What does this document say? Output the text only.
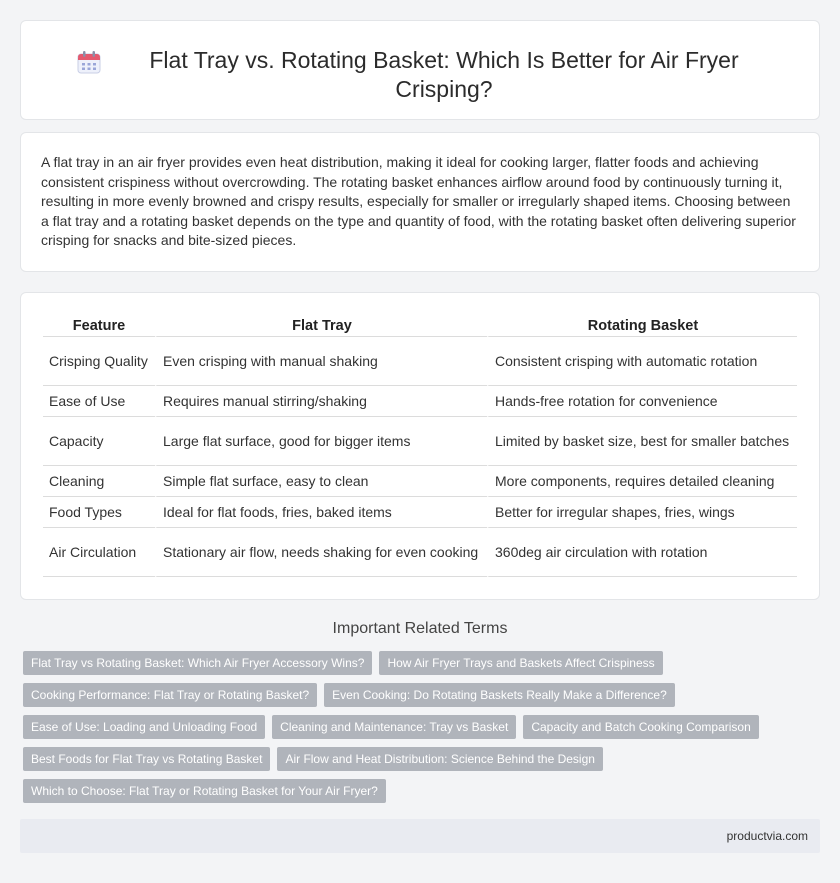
Flat Tray vs. Rotating Basket: Which Is Better for Air Fryer Crisping?

A flat tray in an air fryer provides even heat distribution, making it ideal for cooking larger, flatter foods and achieving consistent crispiness without overcrowding. The rotating basket enhances airflow around food by continuously turning it, resulting in more evenly browned and crispy results, especially for smaller or irregularly shaped items. Choosing between a flat tray and a rotating basket depends on the type and quantity of food, with the rotating basket often delivering superior crisping for snacks and bite-sized pieces.

Feature	Flat Tray	Rotating Basket
Crisping Quality	Even crisping with manual shaking	Consistent crisping with automatic rotation
Ease of Use	Requires manual stirring/shaking	Hands-free rotation for convenience
Capacity	Large flat surface, good for bigger items	Limited by basket size, best for smaller batches
Cleaning	Simple flat surface, easy to clean	More components, requires detailed cleaning
Food Types	Ideal for flat foods, fries, baked items	Better for irregular shapes, fries, wings
Air Circulation	Stationary air flow, needs shaking for even cooking	360deg air circulation with rotation
Important Related Terms
Flat Tray vs Rotating Basket: Which Air Fryer Accessory Wins?	How Air Fryer Trays and Baskets Affect Crispiness
Cooking Performance: Flat Tray or Rotating Basket?	Even Cooking: Do Rotating Baskets Really Make a Difference?
Ease of Use: Loading and Unloading Food	Cleaning and Maintenance: Tray vs Basket	Capacity and Batch Cooking Comparison
Best Foods for Flat Tray vs Rotating Basket	Air Flow and Heat Distribution: Science Behind the Design
Which to Choose: Flat Tray or Rotating Basket for Your Air Fryer?
productvia.com
